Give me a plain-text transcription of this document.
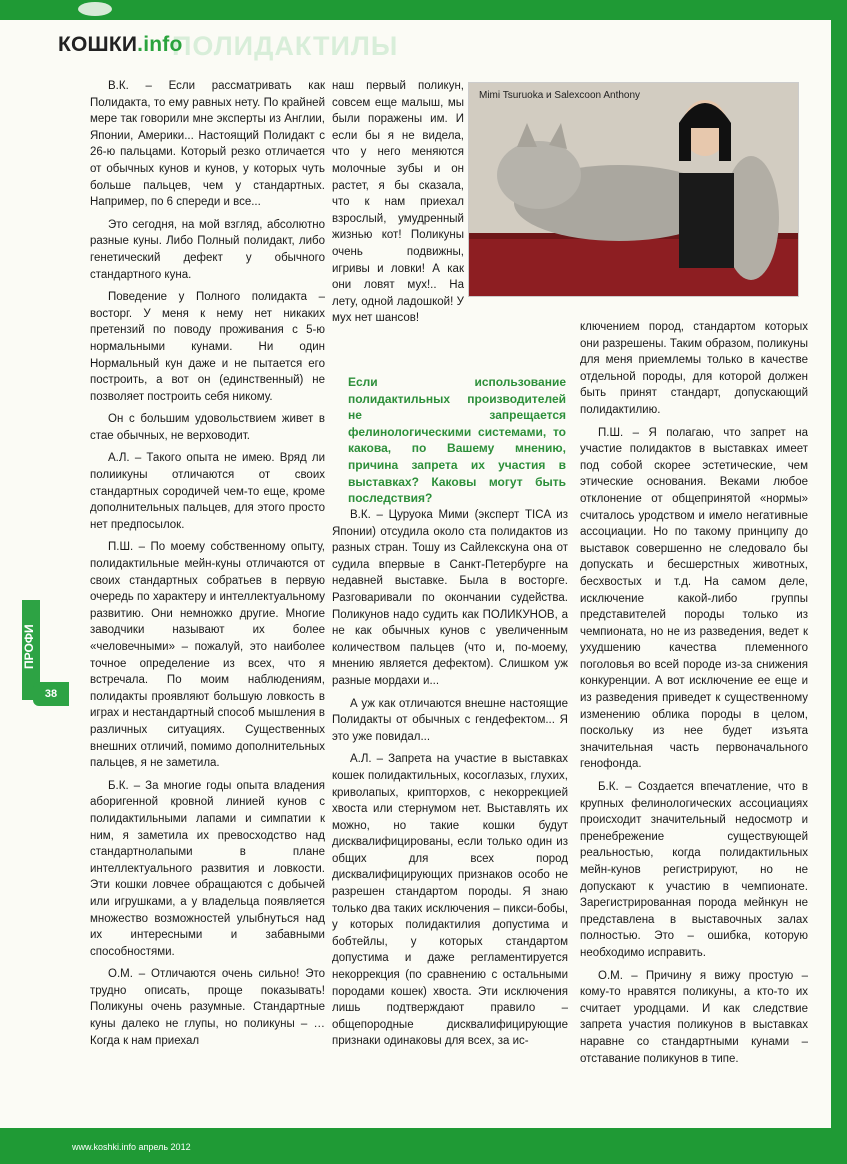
ПОЛИДАКТИЛЫ
КОШКИ.info
ПРОФИ
38

В.К. – Если рассматривать как Полидакта, то ему равных нету. По крайней мере так говорили мне эксперты из Англии, Японии, Америки... Настоящий Полидакт с 26-ю пальцами. Который резко отличается от обычных кунов и кунов, у которых чуть больше пальцев, чем у стандартных. Например, по 6 спереди и все...

Это сегодня, на мой взгляд, абсолютно разные куны. Либо Полный полидакт, либо генетический дефект у обычного стандартного куна.

Поведение у Полного полидакта – восторг. У меня к нему нет никаких претензий по поводу проживания с 5-ю нормальными кунами. Ни один Нормальный кун даже и не пытается его построить, а вот он (единственный) не позволяет построить себя никому.

Он с большим удовольствием живет в стае обычных, не верховодит.

А.Л. – Такого опыта не имею. Вряд ли полиикуны отличаются от своих стандартных сородичей чем-то еще, кроме дополнительных пальцев, для этого просто нет предпосылок.

П.Ш. – По моему собственному опыту, полидактильные мейн-куны отличаются от своих стандартных собратьев в первую очередь по характеру и интеллектуальному развитию. Они немножко другие. Многие заводчики называют их более «человечными» – пожалуй, это наиболее точное определение из всех, что я встречала. По моим наблюдениям, полидакты проявляют большую ловкость в играх и нестандартный способ мышления в различных ситуациях. Существенных внешних отличий, помимо дополнительных пальцев, я не заметила.

Б.К. – За многие годы опыта владения аборигенной кровной линией кунов с полидактильными лапами и симпатии к ним, я заметила их превосходство над стандартнолапыми в плане интеллектуального развития и ловкости. Эти кошки ловчее обращаются с добычей или игрушками, а у владельца появляется множество возможностей улыбнуться над их интересными и забавными способностями.

О.М. – Отличаются очень сильно! Это трудно описать, проще показывать! Поликуны очень разумные. Стандартные куны далеко не глупы, но поликуны – … Когда к нам приехал

наш первый поликун, совсем еще малыш, мы были поражены им. И если бы я не видела, что у него меняются молочные зубы и он растет, я бы сказала, что к нам приехал взрослый, умудренный жизнью кот! Поликуны очень подвижны, игривы и ловки! А как они ловят мух!.. На лету, одной ладошкой! У мух нет шансов!

Mimi Tsuruoka и Salexcoon Anthony
Если использование полидактильных производителей не запрещается фелинологическими системами, то какова, по Вашему мнению, причина запрета их участия в выставках? Каковы могут быть последствия?

В.К. – Цуруока Мими (эксперт TICA из Японии) отсудила около ста полидактов из разных стран. Тошу из Сайлекскуна она от судила впервые в Санкт-Петербурге на недавней выставке. Была в восторге. Разговаривали по окончании судейства. Поликунов надо судить как ПОЛИКУНОВ, а не как обычных кунов с увеличенным количеством пальцев (что и, по-моему, мнению является дефектом). Слишком уж разные мордахи и...

А уж как отличаются внешне настоящие Полидакты от обычных с гендефектом... Я это уже повидал...

А.Л. – Запрета на участие в выставках кошек полидактильных, косоглазых, глухих, криволапых, крипторхов, с некоррекцией хвоста или стернумом нет. Выставлять их можно, но такие кошки будут дисквалифицированы, если только один из общих для всех пород дисквалифицирующих признаков особо не разрешен стандартом породы. Я знаю только два таких исключения – пикси-бобы, у которых полидактилия допустима и бобтейлы, у которых стандартом допустима и даже регламентируется некоррекция (по сравнению с остальными породами кошек) хвоста. Эти исключения лишь подтверждают правило – общепородные дисквалифицирующие признаки одинаковы для всех, за ис-

ключением пород, стандартом которых они разрешены. Таким образом, поликуны для меня приемлемы только в качестве отдельной породы, для которой должен быть принят стандарт, допускающий полидактилию.

П.Ш. – Я полагаю, что запрет на участие полидактов в выставках имеет под собой скорее эстетические, чем этические основания. Веками любое отклонение от общепринятой «нормы» считалось уродством и имело негативные ассоциации. Но по такому принципу до выставок совершенно не следовало бы допускать и бесшерстных животных, бесхвостых и т.д. На самом деле, исключение какой-либо группы представителей породы только из чемпионата, но не из разведения, ведет к ухудшению качества племенного поголовья во всей породе из-за снижения конкуренции. А вот исключение ее еще и из разведения приведет к существенному изменению облика породы в целом, поскольку из нее будет изъята значительная часть первоначального генофонда.

Б.К. – Создается впечатление, что в крупных фелинологических ассоциациях происходит значительный недосмотр и пренебрежение существующей реальностью, когда полидактильных мейн-кунов регистрируют, но не допускают к участию в чемпионате. Зарегистрированная порода мейнкун не представлена в выставочных залах полностью. Это – ошибка, которую необходимо исправить.

О.М. – Причину я вижу простую – кому-то нравятся поликуны, а кто-то их считает уродцами. И как следствие запрета участия поликунов в выставках наравне со стандартными кунами – отставание поликунов в типе.

www.koshki.info апрель 2012
